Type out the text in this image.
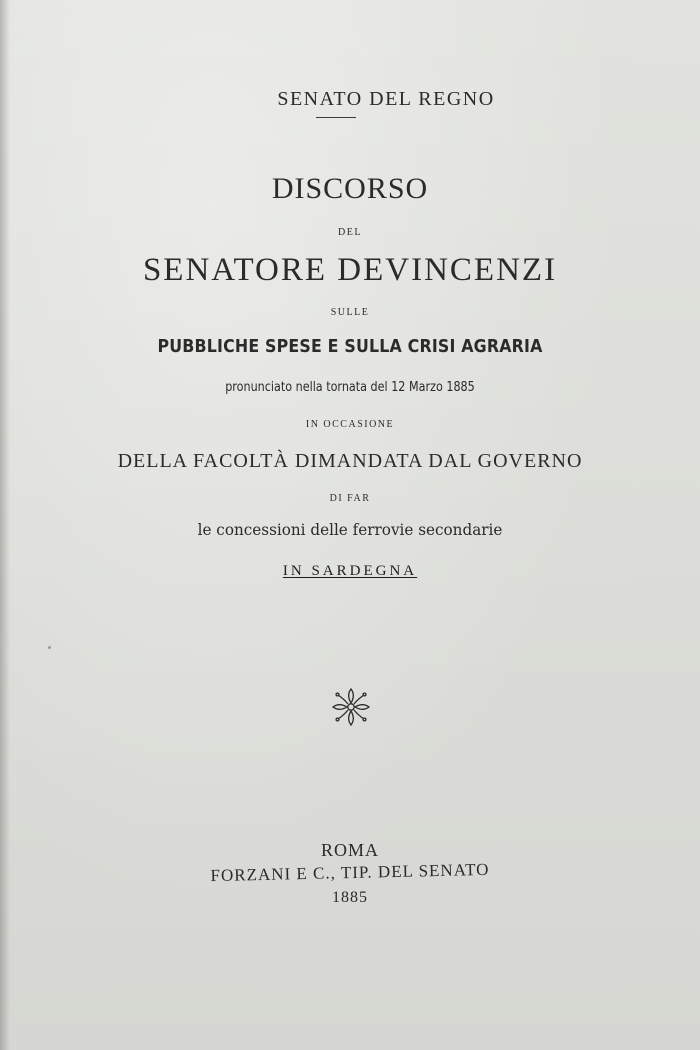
SENATO DEL REGNO
DISCORSO
DEL
SENATORE DEVINCENZI
SULLE
PUBBLICHE SPESE E SULLA CRISI AGRARIA
pronunciato nella tornata del 12 Marzo 1885
IN OCCASIONE
DELLA FACOLTÀ DIMANDATA DAL GOVERNO
DI FAR
le concessioni delle ferrovie secondarie
IN SARDEGNA
ROMA
FORZANI E C., TIP. DEL SENATO
1885
